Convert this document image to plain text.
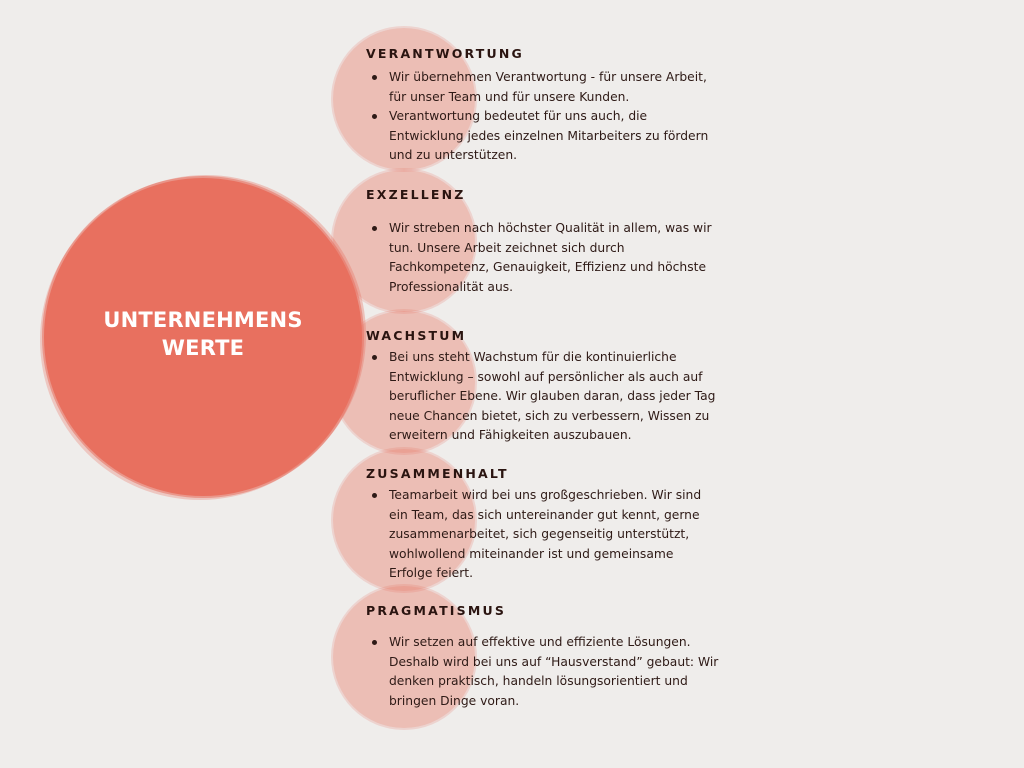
UNTERNEHMENS
WERTE
VERANTWORTUNG
Wir übernehmen Verantwortung - für unsere Arbeit, für unser Team und für unsere Kunden.
Verantwortung bedeutet für uns auch, die Entwicklung jedes einzelnen Mitarbeiters zu fördern und zu unterstützen.
EXZELLENZ
Wir streben nach höchster Qualität in allem, was wir tun. Unsere Arbeit zeichnet sich durch Fachkompetenz, Genauigkeit, Effizienz und höchste Professionalität aus.
WACHSTUM
Bei uns steht Wachstum für die kontinuierliche Entwicklung – sowohl auf persönlicher als auch auf beruflicher Ebene. Wir glauben daran, dass jeder Tag neue Chancen bietet, sich zu verbessern, Wissen zu erweitern und Fähigkeiten auszubauen.
ZUSAMMENHALT
Teamarbeit wird bei uns großgeschrieben. Wir sind ein Team, das sich untereinander gut kennt, gerne zusammenarbeitet, sich gegenseitig unterstützt, wohlwollend miteinander ist und gemeinsame Erfolge feiert.
PRAGMATISMUS
Wir setzen auf effektive und effiziente Lösungen. Deshalb wird bei uns auf “Hausverstand” gebaut: Wir denken praktisch, handeln lösungsorientiert und bringen Dinge voran.
